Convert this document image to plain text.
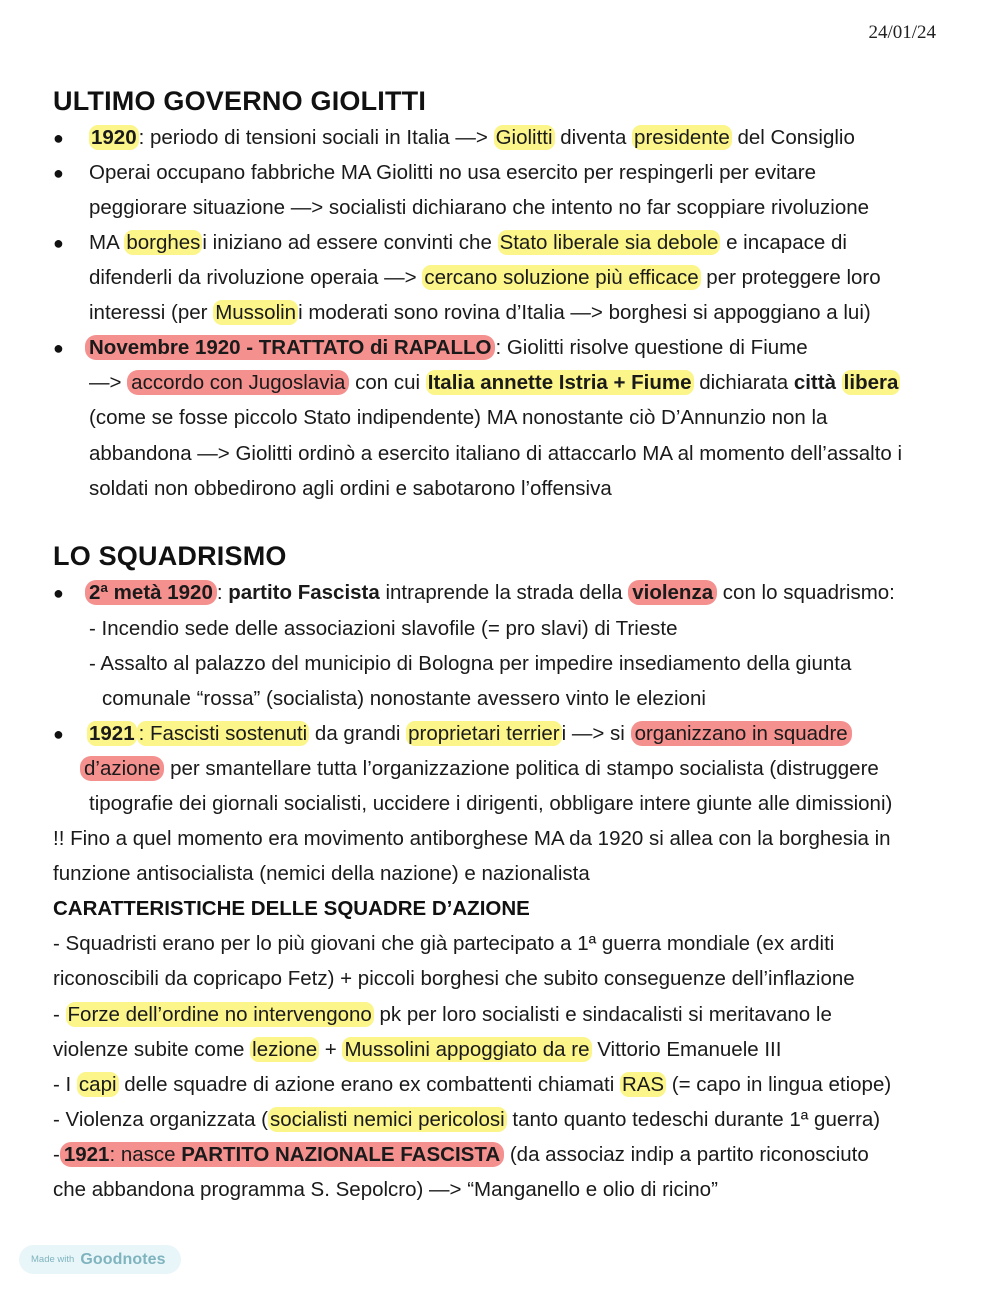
24/01/24
ULTIMO GOVERNO GIOLITTI
● 1920: periodo di tensioni sociali in Italia —> Giolitti diventa presidente del Consiglio
● Operai occupano fabbriche MA Giolitti no usa esercito per respingerli per evitare
peggiorare situazione —> socialisti dichiarano che intento no far scoppiare rivoluzione
● MA borghesi iniziano ad essere convinti che Stato liberale sia debole e incapace di
difenderli da rivoluzione operaia —> cercano soluzione più efficace per proteggere loro
interessi (per Mussolini moderati sono rovina d’Italia —> borghesi si appoggiano a lui)
● Novembre 1920 - TRATTATO di RAPALLO : Giolitti risolve questione di Fiume
—> accordo con Jugoslavia con cui Italia annette Istria + Fiume dichiarata città libera
(come se fosse piccolo Stato indipendente) MA nonostante ciò D’Annunzio non la
abbandona —> Giolitti ordinò a esercito italiano di attaccarlo MA al momento dell’assalto i
soldati non obbedirono agli ordini e sabotarono l’offensiva
LO SQUADRISMO
● 2ª metà 1920 : partito Fascista intraprende la strada della violenza con lo squadrismo:
- Incendio sede delle associazioni slavofile (= pro slavi) di Trieste
- Assalto al palazzo del municipio di Bologna per impedire insediamento della giunta
comunale “rossa” (socialista) nonostante avessero vinto le elezioni
● 1921 : Fascisti sostenuti da grandi proprietari terrieri —> si organizzano in squadre
d’azione per smantellare tutta l’organizzazione politica di stampo socialista (distruggere
tipografie dei giornali socialisti, uccidere i dirigenti, obbligare intere giunte alle dimissioni)
!! Fino a quel momento era movimento antiborghese MA da 1920 si allea con la borghesia in
funzione antisocialista (nemici della nazione) e nazionalista
CARATTERISTICHE DELLE SQUADRE D’AZIONE
- Squadristi erano per lo più giovani che già partecipato a 1ª guerra mondiale (ex arditi
riconoscibili da copricapo Fetz) + piccoli borghesi che subito conseguenze dell’inflazione
- Forze dell’ordine no intervengono pk per loro socialisti e sindacalisti si meritavano le
violenze subite come lezione + Mussolini appoggiato da re Vittorio Emanuele III
- I capi delle squadre di azione erano ex combattenti chiamati RAS (= capo in lingua etiope)
- Violenza organizzata (socialisti nemici pericolosi tanto quanto tedeschi durante 1ª guerra)
- 1921: nasce PARTITO NAZIONALE FASCISTA (da associaz indip a partito riconosciuto
che abbandona programma S. Sepolcro) —> “Manganello e olio di ricino”
Made with Goodnotes
